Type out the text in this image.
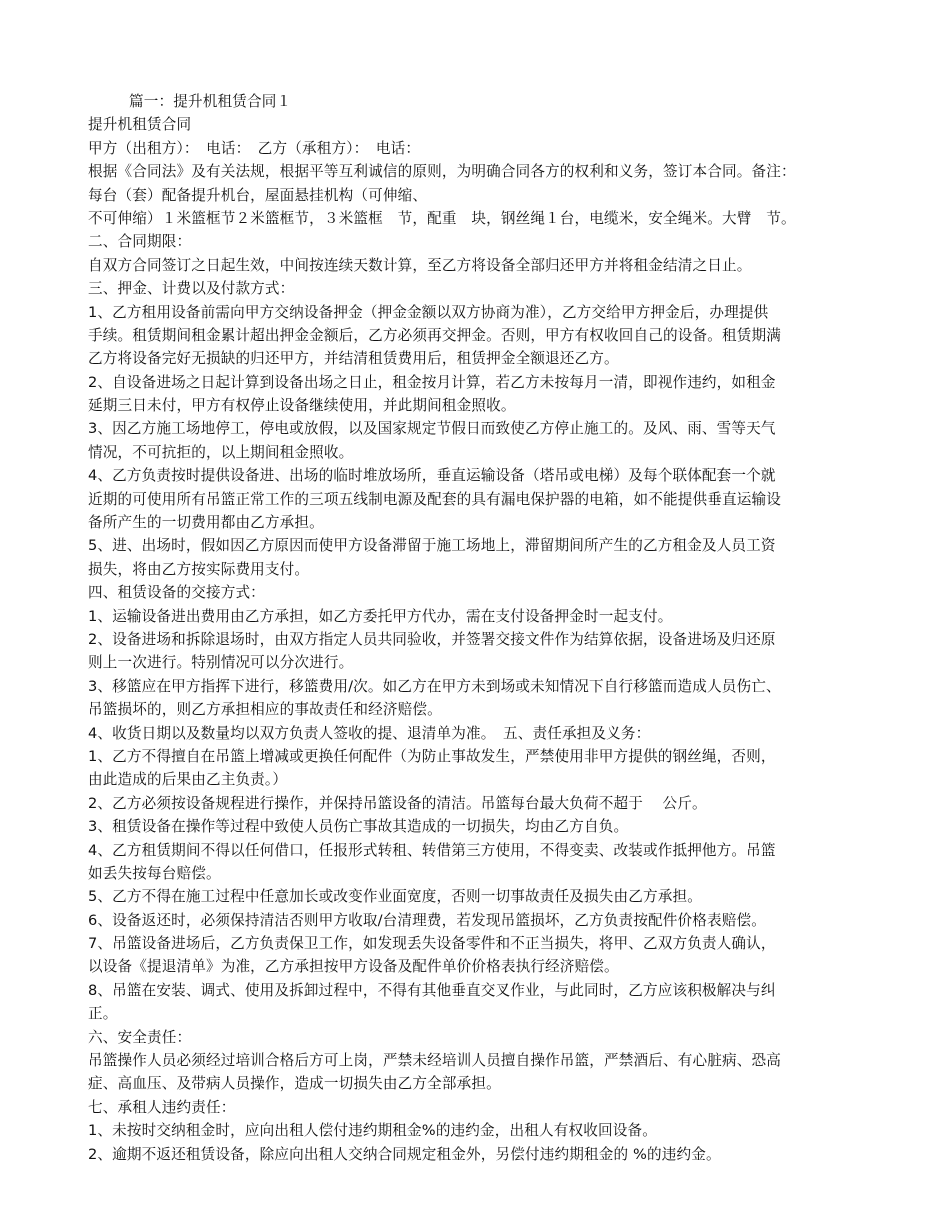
篇一：提升机租赁合同１
提升机租赁合同
甲方（出租方）：　电话：　乙方（承租方）：　电话：
根据《合同法》及有关法规，根据平等互利诚信的原则，为明确合同各方的权利和义务，签订本合同。备注：
每台（套）配备提升机台，屋面悬挂机构（可伸缩、
不可伸缩）１米篮框节２米篮框节，３米篮框　节，配重　块，钢丝绳１台，电缆米，安全绳米。大臂　节。
二、合同期限：
自双方合同签订之日起生效，中间按连续天数计算，至乙方将设备全部归还甲方并将租金结清之日止。
三、押金、计费以及付款方式：
1、乙方租用设备前需向甲方交纳设备押金（押金金额以双方协商为准），乙方交给甲方押金后，办理提供
手续。租赁期间租金累计超出押金金额后，乙方必须再交押金。否则，甲方有权收回自己的设备。租赁期满
乙方将设备完好无损缺的归还甲方，并结清租赁费用后，租赁押金全额退还乙方。
2、自设备进场之日起计算到设备出场之日止，租金按月计算，若乙方未按每月一清，即视作违约，如租金
延期三日未付，甲方有权停止设备继续使用，并此期间租金照收。
3、因乙方施工场地停工，停电或放假，以及国家规定节假日而致使乙方停止施工的。及风、雨、雪等天气
情况，不可抗拒的，以上期间租金照收。
4、乙方负责按时提供设备进、出场的临时堆放场所，垂直运输设备（塔吊或电梯）及每个联体配套一个就
近期的可使用所有吊篮正常工作的三项五线制电源及配套的具有漏电保护器的电箱，如不能提供垂直运输设
备所产生的一切费用都由乙方承担。
5、进、出场时，假如因乙方原因而使甲方设备滞留于施工场地上，滞留期间所产生的乙方租金及人员工资
损失，将由乙方按实际费用支付。
四、租赁设备的交接方式：
1、运输设备进出费用由乙方承担，如乙方委托甲方代办，需在支付设备押金时一起支付。
2、设备进场和拆除退场时，由双方指定人员共同验收，并签署交接文件作为结算依据，设备进场及归还原
则上一次进行。特别情况可以分次进行。
3、移篮应在甲方指挥下进行，移篮费用/次。如乙方在甲方未到场或未知情况下自行移篮而造成人员伤亡、
吊篮损坏的，则乙方承担相应的事故责任和经济赔偿。
4、收货日期以及数量均以双方负责人签收的提、退清单为准。　五、责任承担及义务：
1、乙方不得擅自在吊篮上增减或更换任何配件（为防止事故发生，严禁使用非甲方提供的钢丝绳，否则，
由此造成的后果由乙主负责。）
2、乙方必须按设备规程进行操作，并保持吊篮设备的清洁。吊篮每台最大负荷不超于　 公斤。
3、租赁设备在操作等过程中致使人员伤亡事故其造成的一切损失，均由乙方自负。
4、乙方租赁期间不得以任何借口，任报形式转租、转借第三方使用，不得变卖、改装或作抵押他方。吊篮
如丢失按每台赔偿。
5、乙方不得在施工过程中任意加长或改变作业面宽度，否则一切事故责任及损失由乙方承担。
6、设备返还时，必须保持清洁否则甲方收取/台清理费，若发现吊篮损坏，乙方负责按配件价格表赔偿。
7、吊篮设备进场后，乙方负责保卫工作，如发现丢失设备零件和不正当损失，将甲、乙双方负责人确认，
以设备《提退清单》为准，乙方承担按甲方设备及配件单价价格表执行经济赔偿。
8、吊篮在安装、调式、使用及拆卸过程中，不得有其他垂直交叉作业，与此同时，乙方应该积极解决与纠
正。
六、安全责任：
吊篮操作人员必须经过培训合格后方可上岗，严禁未经培训人员擅自操作吊篮，严禁酒后、有心脏病、恐高
症、高血压、及带病人员操作，造成一切损失由乙方全部承担。
七、承租人违约责任：
1、未按时交纳租金时，应向出租人偿付违约期租金%的违约金，出租人有权收回设备。
2、逾期不返还租赁设备，除应向出租人交纳合同规定租金外，另偿付违约期租金的 %的违约金。
